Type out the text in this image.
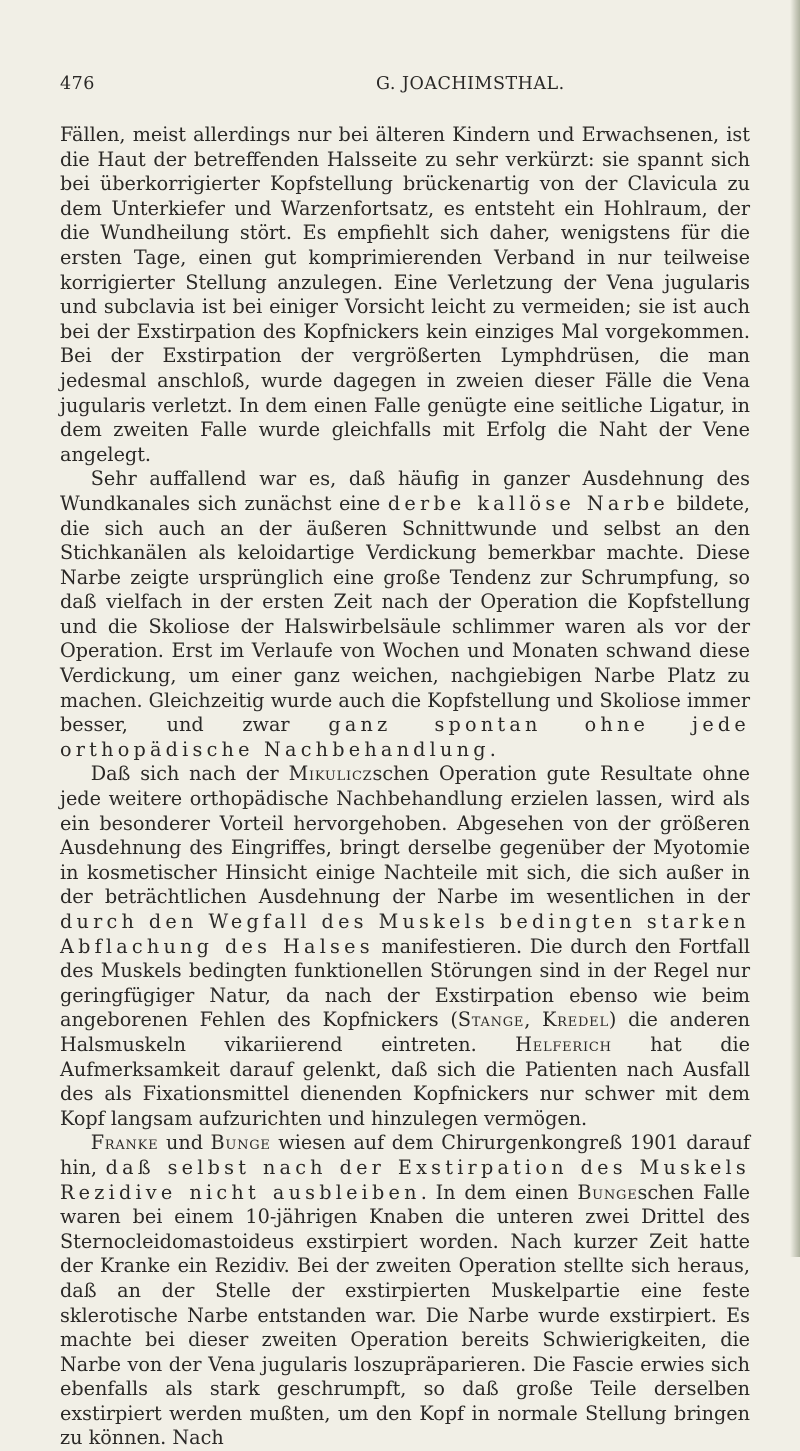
476	G. JOACHIMSTHAL.

Fällen, meist allerdings nur bei älteren Kindern und Erwachsenen, ist die Haut der betreffenden Halsseite zu sehr verkürzt: sie spannt sich bei überkorrigierter Kopfstellung brückenartig von der Clavicula zu dem Unterkiefer und Warzenfortsatz, es entsteht ein Hohlraum, der die Wundheilung stört. Es empfiehlt sich daher, wenigstens für die ersten Tage, einen gut komprimierenden Verband in nur teilweise korrigierter Stellung anzulegen. Eine Verletzung der Vena jugularis und subclavia ist bei einiger Vorsicht leicht zu vermeiden; sie ist auch bei der Exstirpation des Kopfnickers kein einziges Mal vorgekommen. Bei der Exstirpation der vergrößerten Lymphdrüsen, die man jedesmal anschloß, wurde dagegen in zweien dieser Fälle die Vena jugularis verletzt. In dem einen Falle genügte eine seitliche Ligatur, in dem zweiten Falle wurde gleichfalls mit Erfolg die Naht der Vene angelegt.

Sehr auffallend war es, daß häufig in ganzer Ausdehnung des Wundkanales sich zunächst eine derbe kallöse Narbe bildete, die sich auch an der äußeren Schnittwunde und selbst an den Stichkanälen als keloidartige Verdickung bemerkbar machte. Diese Narbe zeigte ursprünglich eine große Tendenz zur Schrumpfung, so daß vielfach in der ersten Zeit nach der Operation die Kopfstellung und die Skoliose der Halswirbelsäule schlimmer waren als vor der Operation. Erst im Verlaufe von Wochen und Monaten schwand diese Verdickung, um einer ganz weichen, nachgiebigen Narbe Platz zu machen. Gleichzeitig wurde auch die Kopfstellung und Skoliose immer besser, und zwar ganz spontan ohne jede orthopädische Nachbehandlung.

Daß sich nach der Mikuliczschen Operation gute Resultate ohne jede weitere orthopädische Nachbehandlung erzielen lassen, wird als ein besonderer Vorteil hervorgehoben. Abgesehen von der größeren Ausdehnung des Eingriffes, bringt derselbe gegenüber der Myotomie in kosmetischer Hinsicht einige Nachteile mit sich, die sich außer in der beträchtlichen Ausdehnung der Narbe im wesentlichen in der durch den Wegfall des Muskels bedingten starken Abflachung des Halses manifestieren. Die durch den Fortfall des Muskels bedingten funktionellen Störungen sind in der Regel nur geringfügiger Natur, da nach der Exstirpation ebenso wie beim angeborenen Fehlen des Kopfnickers (Stange, Kredel) die anderen Halsmuskeln vikariierend eintreten. Helferich hat die Aufmerksamkeit darauf gelenkt, daß sich die Patienten nach Ausfall des als Fixationsmittel dienenden Kopfnickers nur schwer mit dem Kopf langsam aufzurichten und hinzulegen vermögen.

Franke und Bunge wiesen auf dem Chirurgenkongreß 1901 darauf hin, daß selbst nach der Exstirpation des Muskels Rezidive nicht ausbleiben. In dem einen Bungeschen Falle waren bei einem 10-jährigen Knaben die unteren zwei Drittel des Sternocleidomastoideus exstirpiert worden. Nach kurzer Zeit hatte der Kranke ein Rezidiv. Bei der zweiten Operation stellte sich heraus, daß an der Stelle der exstirpierten Muskelpartie eine feste sklerotische Narbe entstanden war. Die Narbe wurde exstirpiert. Es machte bei dieser zweiten Operation bereits Schwierigkeiten, die Narbe von der Vena jugularis loszupräparieren. Die Fascie erwies sich ebenfalls als stark geschrumpft, so daß große Teile derselben exstirpiert werden mußten, um den Kopf in normale Stellung bringen zu können. Nach
